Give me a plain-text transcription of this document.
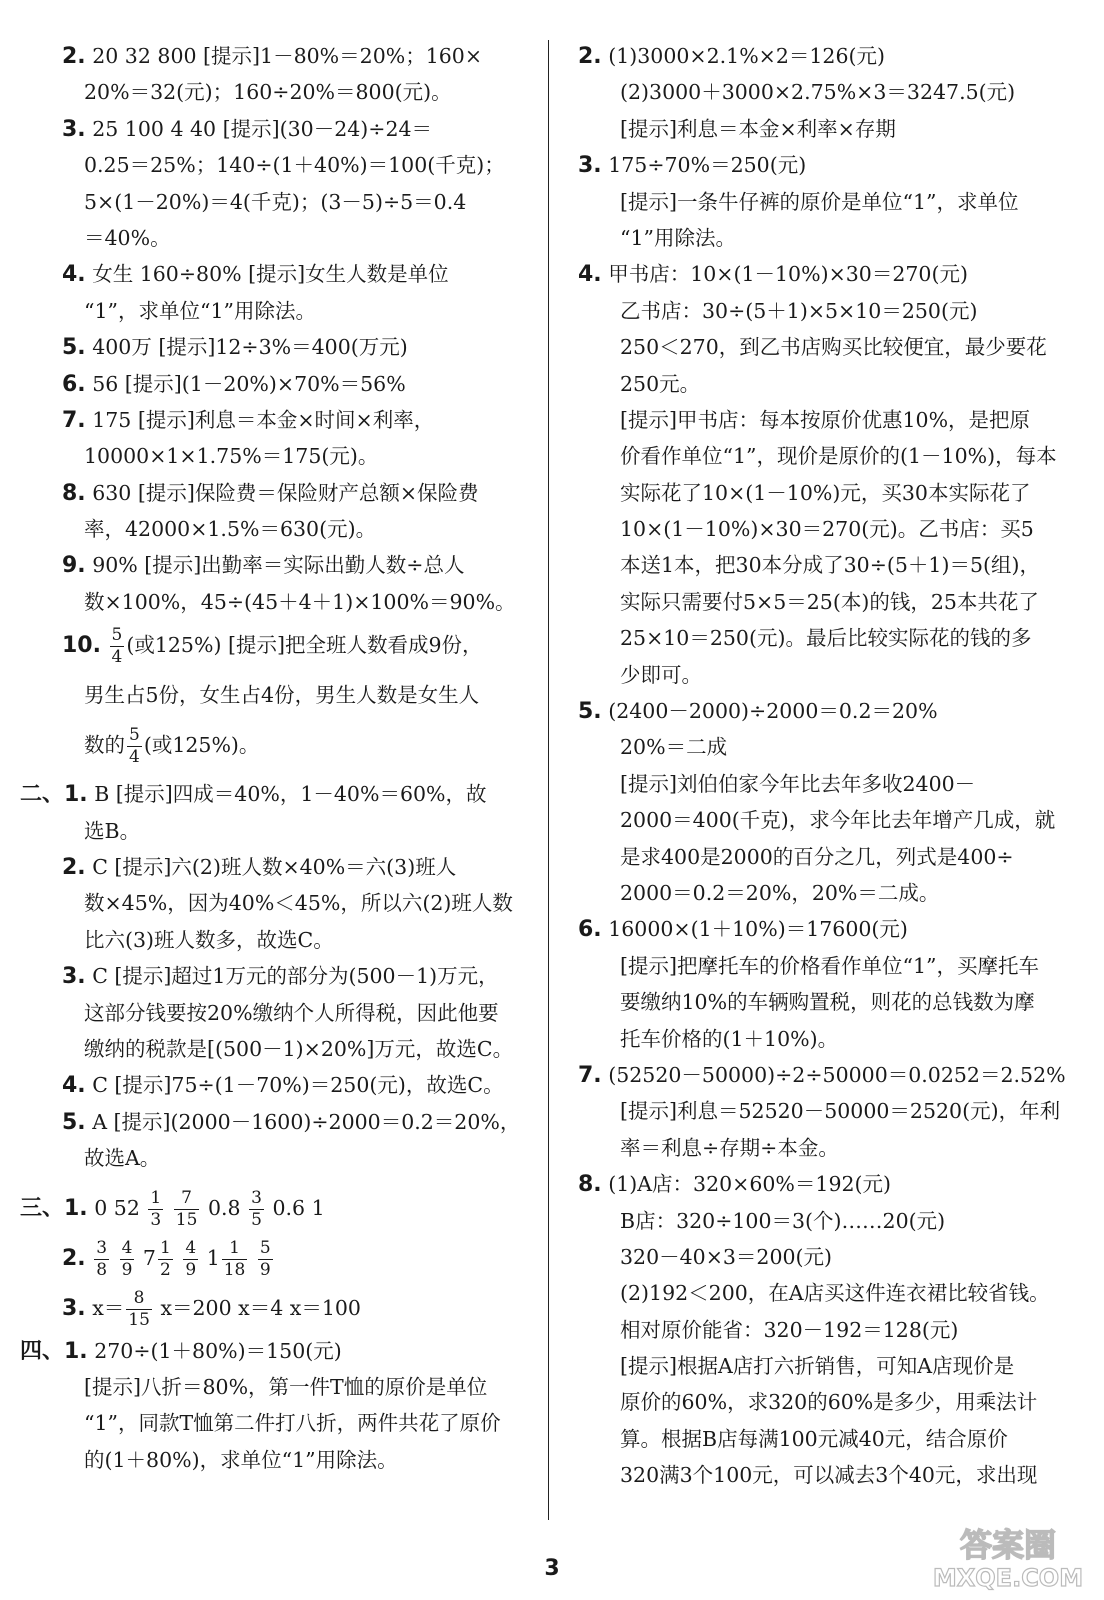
2. 20 32 800 [提示]1－80%＝20%；160×
20%＝32(元)；160÷20%＝800(元)。
3. 25 100 4 40 [提示](30－24)÷24＝
0.25＝25%；140÷(1＋40%)＝100(千克)；
5×(1－20%)＝4(千克)；(3－5)÷5＝0.4
＝40%。
4. 女生 160÷80% [提示]女生人数是单位
“1”，求单位“1”用除法。
5. 400万 [提示]12÷3%＝400(万元)
6. 56 [提示](1－20%)×70%＝56%
7. 175 [提示]利息＝本金×时间×利率，
10000×1×1.75%＝175(元)。
8. 630 [提示]保险费＝保险财产总额×保险费
率，42000×1.5%＝630(元)。
9. 90% [提示]出勤率＝实际出勤人数÷总人
数×100%，45÷(45＋4＋1)×100%＝90%。
10. $\frac{5}{4}$ (或125%) [提示]把全班人数看成9份，
男生占5份，女生占4份，男生人数是女生人
数的 $\frac{5}{4}$ (或125%)。
二、1. B [提示]四成＝40%，1－40%＝60%，故
选B。
2. C [提示]六(2)班人数×40%＝六(3)班人
数×45%，因为40%＜45%，所以六(2)班人数
比六(3)班人数多，故选C。
3. C [提示]超过1万元的部分为(500－1)万元，
这部分钱要按20%缴纳个人所得税，因此他要
缴纳的税款是[(500－1)×20%]万元，故选C。
4. C [提示]75÷(1－70%)＝250(元)，故选C。
5. A [提示](2000－1600)÷2000＝0.2＝20%，
故选A。
三、1. 0 $52 \frac{1}{3}$
$\frac{7}{15} 0.8 \frac{3}{5} 0.6$ 1
2. $\frac{3}{8}$
$\frac{4}{9} 7 \frac{1}{2}$
$\frac{4}{9} 1 \frac{1}{18}$
$\frac{5}{9}$
3. $x= \frac{8}{15} x=200$ x＝4 x＝100
四、1. 270÷(1＋80%)＝150(元)
[提示]八折＝80%，第一件T恤的原价是单位
“1”，同款T恤第二件打八折，两件共花了原价
的(1＋80%)，求单位“1”用除法。
2. (1)3000×2.1%×2＝126(元)
(2)3000＋3000×2.75%×3＝3247.5(元)
[提示]利息＝本金×利率×存期
3. 175÷70%＝250(元)
[提示]一条牛仔裤的原价是单位“1”，求单位
“1”用除法。
4. 甲书店：10×(1－10%)×30＝270(元)
乙书店：30÷(5＋1)×5×10＝250(元)
250＜270，到乙书店购买比较便宜，最少要花
250元。
[提示]甲书店：每本按原价优惠10%，是把原
价看作单位“1”，现价是原价的(1－10%)，每本
实际花了10×(1－10%)元，买30本实际花了
10×(1－10%)×30＝270(元)。乙书店：买5
本送1本，把30本分成了30÷(5＋1)＝5(组)，
实际只需要付5×5＝25(本)的钱，25本共花了
25×10＝250(元)。最后比较实际花的钱的多
少即可。
5. (2400－2000)÷2000＝0.2＝20%
20%＝二成
[提示]刘伯伯家今年比去年多收2400－
2000＝400(千克)，求今年比去年增产几成，就
是求400是2000的百分之几，列式是400÷
2000＝0.2＝20%，20%＝二成。
6. 16000×(1＋10%)＝17600(元)
[提示]把摩托车的价格看作单位“1”，买摩托车
要缴纳10%的车辆购置税，则花的总钱数为摩
托车价格的(1＋10%)。
7. (52520－50000)÷2÷50000＝0.0252＝2.52%
[提示]利息＝52520－50000＝2520(元)，年利
率＝利息÷存期÷本金。
8. (1)A店：320×60%＝192(元)
B店：320÷100＝3(个)……20(元)
320－40×3＝200(元)
(2)192＜200，在A店买这件连衣裙比较省钱。
相对原价能省：320－192＝128(元)
[提示]根据A店打六折销售，可知A店现价是
原价的60%，求320的60%是多少，用乘法计
算。根据B店每满100元减40元，结合原价
320满3个100元，可以减去3个40元，求出现
3
答案圈
MXQE.COM
